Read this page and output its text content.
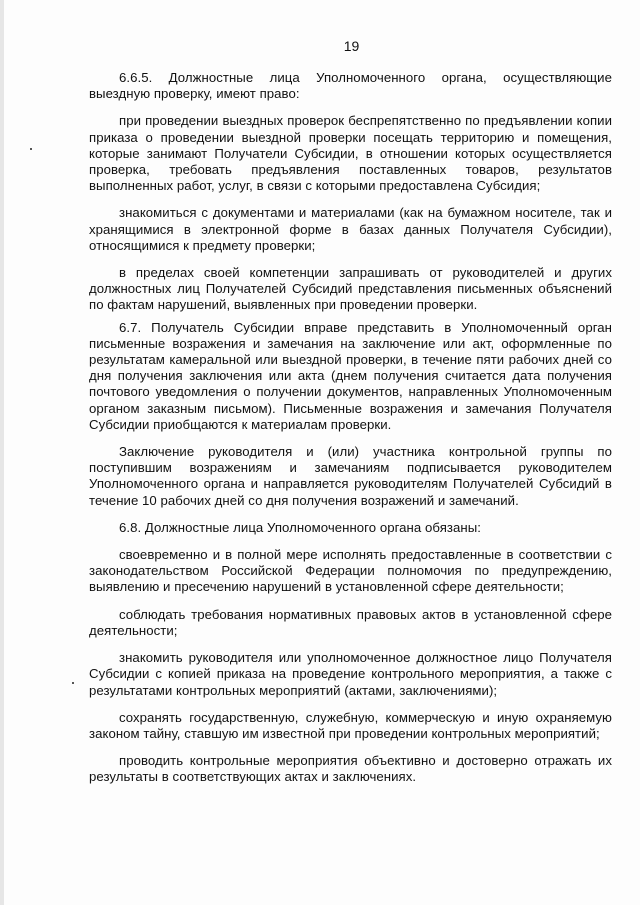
19

6.6.5. Должностные лица Уполномоченного органа, осуществляющие выездную проверку, имеют право:

при проведении выездных проверок беспрепятственно по предъявлении копии приказа о проведении выездной проверки посещать территорию и помещения, которые занимают Получатели Субсидии, в отношении которых осуществляется проверка, требовать предъявления поставленных товаров, результатов выполненных работ, услуг, в связи с которыми предоставлена Субсидия;

знакомиться с документами и материалами (как на бумажном носителе, так и хранящимися в электронной форме в базах данных Получателя Субсидии), относящимися к предмету проверки;

в пределах своей компетенции запрашивать от руководителей и других должностных лиц Получателей Субсидий представления письменных объяснений по фактам нарушений, выявленных при проведении проверки.

6.7. Получатель Субсидии вправе представить в Уполномоченный орган письменные возражения и замечания на заключение или акт, оформленные по результатам камеральной или выездной проверки, в течение пяти рабочих дней со дня получения заключения или акта (днем получения считается дата получения почтового уведомления о получении документов, направленных Уполномоченным органом заказным письмом). Письменные возражения и замечания Получателя Субсидии приобщаются к материалам проверки.

Заключение руководителя и (или) участника контрольной группы по поступившим возражениям и замечаниям подписывается руководителем Уполномоченного органа и направляется руководителям Получателей Субсидий в течение 10 рабочих дней со дня получения возражений и замечаний.

6.8. Должностные лица Уполномоченного органа обязаны:

своевременно и в полной мере исполнять предоставленные в соответствии с законодательством Российской Федерации полномочия по предупреждению, выявлению и пресечению нарушений в установленной сфере деятельности;

соблюдать требования нормативных правовых актов в установленной сфере деятельности;

знакомить руководителя или уполномоченное должностное лицо Получателя Субсидии с копией приказа на проведение контрольного мероприятия, а также с результатами контрольных мероприятий (актами, заключениями);

сохранять государственную, служебную, коммерческую и иную охраняемую законом тайну, ставшую им известной при проведении контрольных мероприятий;

проводить контрольные мероприятия объективно и достоверно отражать их результаты в соответствующих актах и заключениях.
